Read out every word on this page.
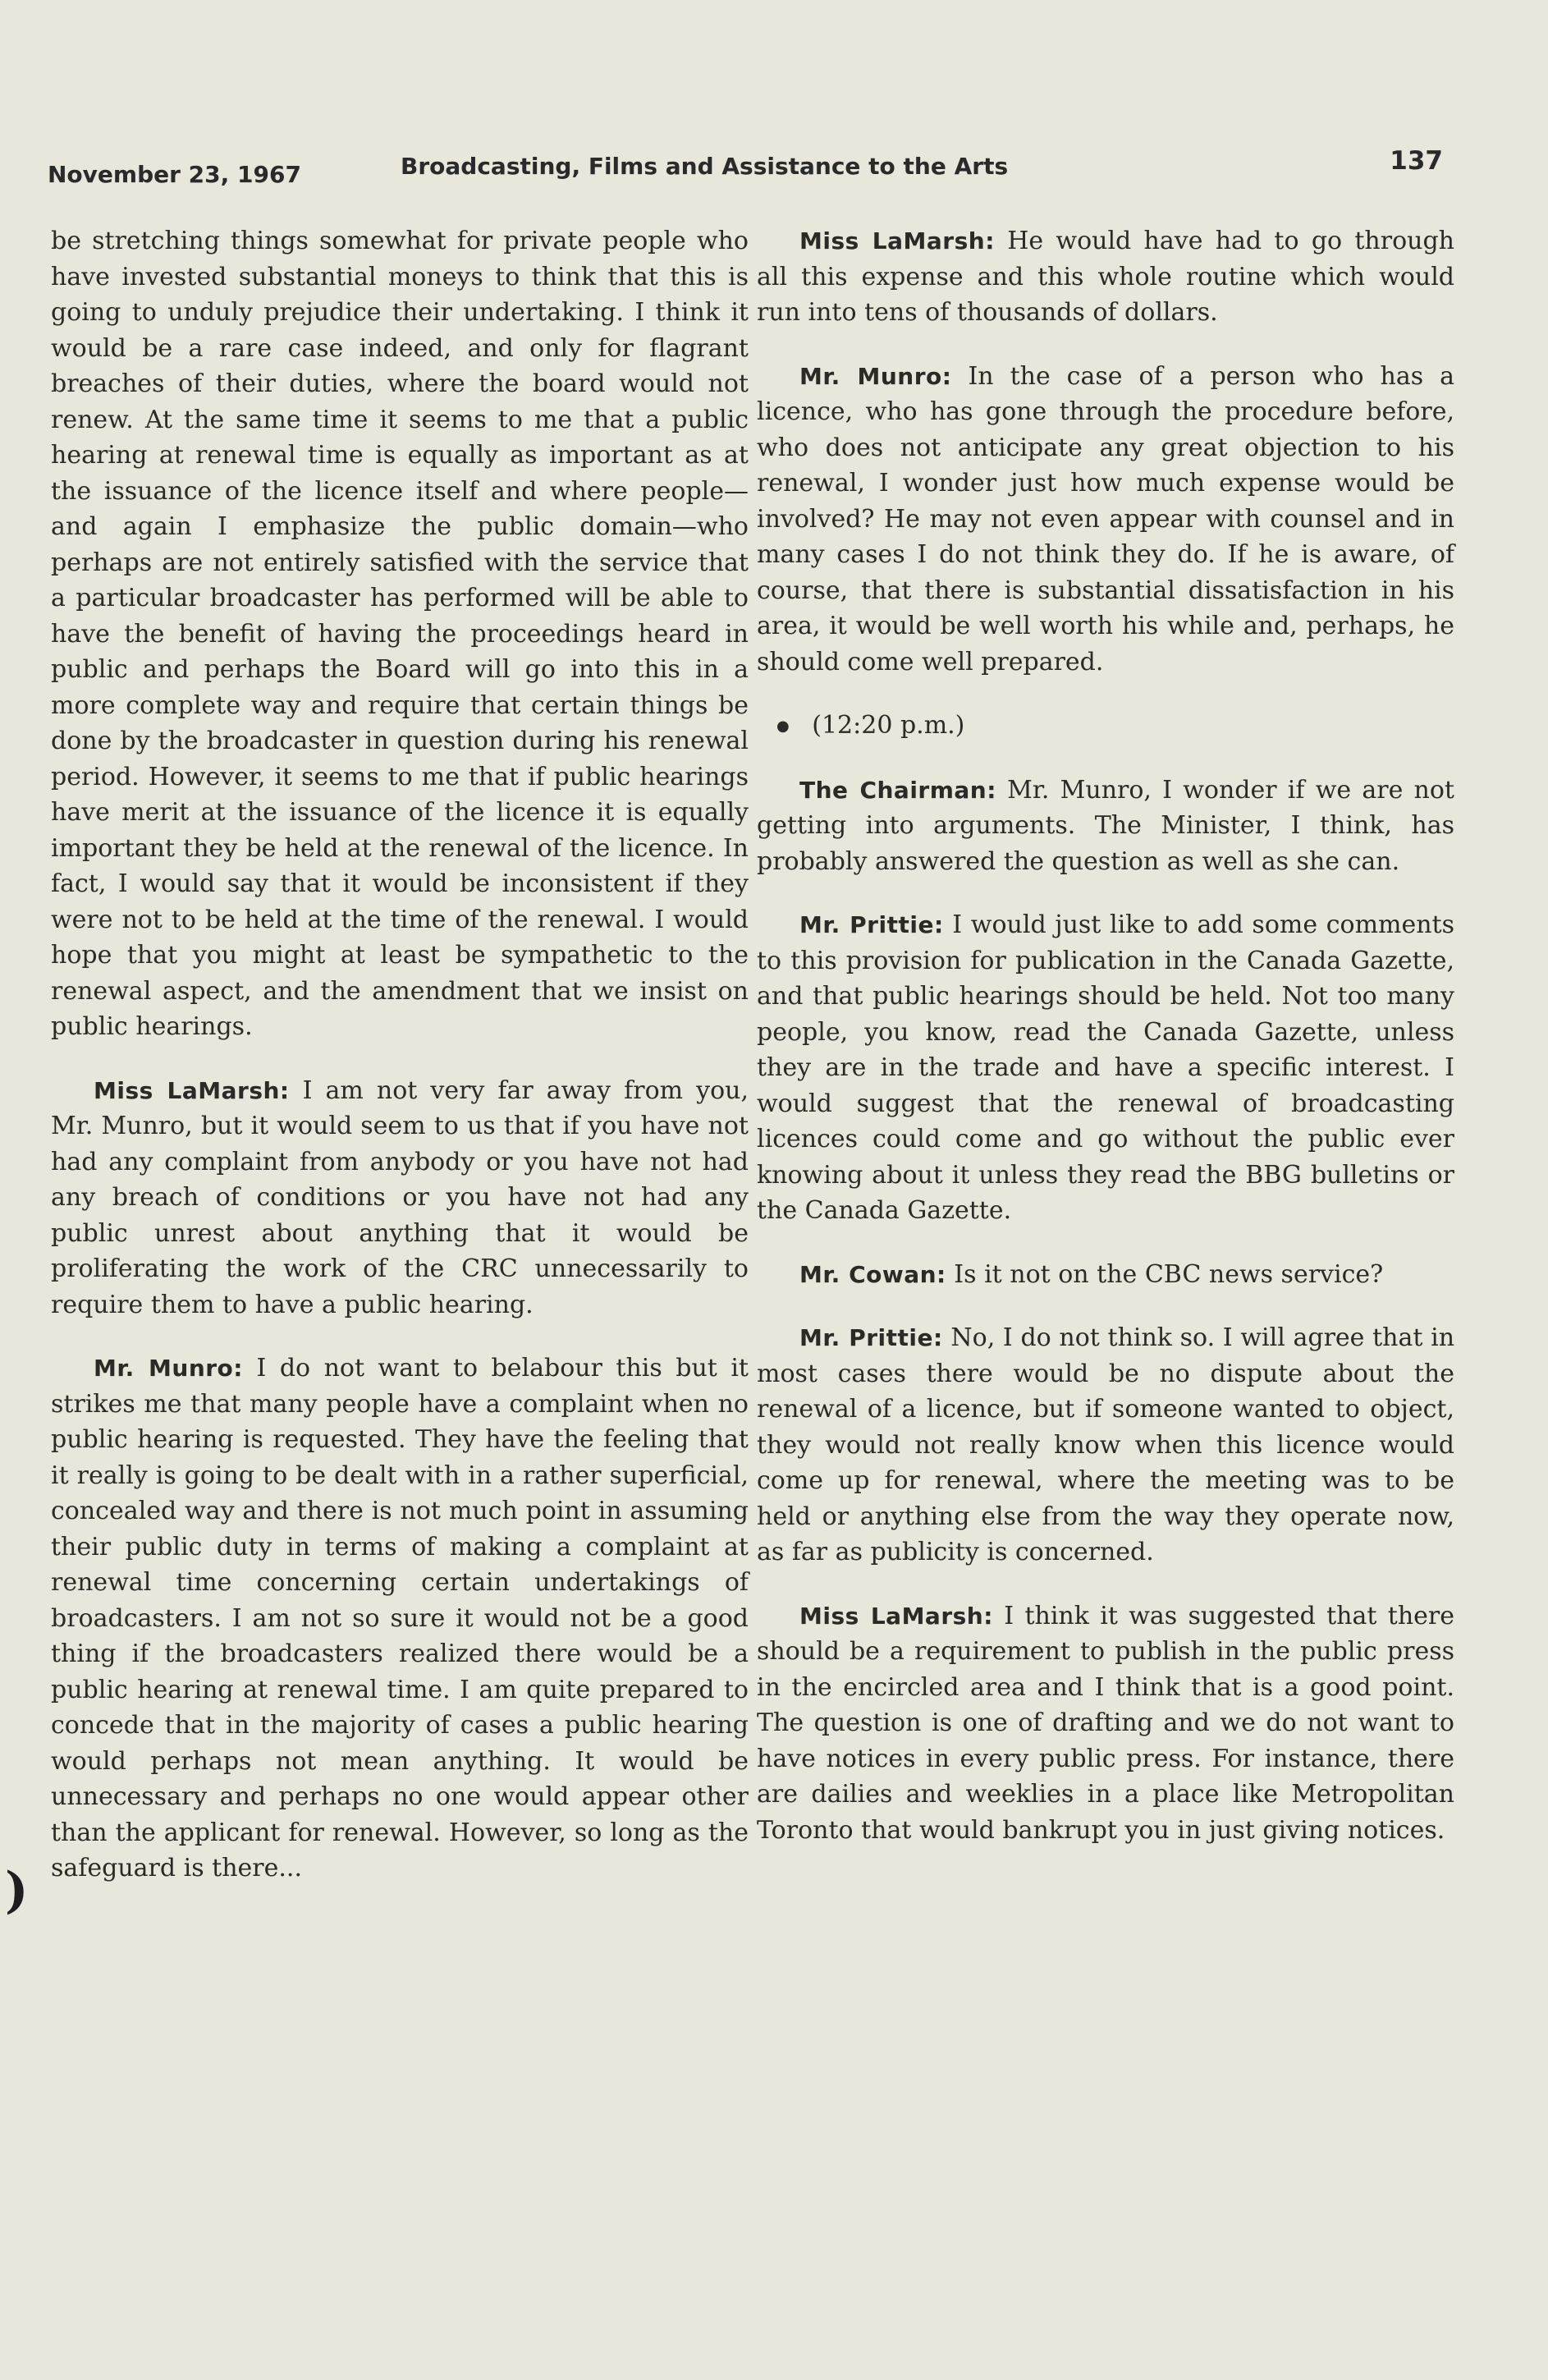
November 23, 1967	Broadcasting, Films and Assistance to the Arts	137

be stretching things somewhat for private people who have invested substantial moneys to think that this is going to unduly prejudice their undertaking. I think it would be a rare case indeed, and only for flagrant breaches of their duties, where the board would not renew. At the same time it seems to me that a public hearing at renewal time is equally as important as at the issuance of the licence itself and where people—and again I emphasize the public domain—who perhaps are not entirely satisfied with the service that a particular broadcaster has performed will be able to have the benefit of having the proceedings heard in public and perhaps the Board will go into this in a more complete way and require that certain things be done by the broadcaster in question during his renewal period. However, it seems to me that if public hearings have merit at the issuance of the licence it is equally important they be held at the renewal of the licence. In fact, I would say that it would be inconsistent if they were not to be held at the time of the renewal. I would hope that you might at least be sympathetic to the renewal aspect, and the amendment that we insist on public hearings.

Miss LaMarsh: I am not very far away from you, Mr. Munro, but it would seem to us that if you have not had any complaint from anybody or you have not had any breach of conditions or you have not had any public unrest about anything that it would be proliferating the work of the CRC unnecessarily to require them to have a public hearing.

Mr. Munro: I do not want to belabour this but it strikes me that many people have a complaint when no public hearing is requested. They have the feeling that it really is going to be dealt with in a rather superficial, concealed way and there is not much point in assuming their public duty in terms of making a complaint at renewal time concerning certain undertakings of broadcasters. I am not so sure it would not be a good thing if the broadcasters realized there would be a public hearing at renewal time. I am quite prepared to concede that in the majority of cases a public hearing would perhaps not mean anything. It would be unnecessary and perhaps no one would appear other than the applicant for renewal. However, so long as the safeguard is there...

Miss LaMarsh: He would have had to go through all this expense and this whole routine which would run into tens of thousands of dollars.

Mr. Munro: In the case of a person who has a licence, who has gone through the procedure before, who does not anticipate any great objection to his renewal, I wonder just how much expense would be involved? He may not even appear with counsel and in many cases I do not think they do. If he is aware, of course, that there is substantial dissatisfaction in his area, it would be well worth his while and, perhaps, he should come well prepared.

● (12:20 p.m.)

The Chairman: Mr. Munro, I wonder if we are not getting into arguments. The Minister, I think, has probably answered the question as well as she can.

Mr. Prittie: I would just like to add some comments to this provision for publication in the Canada Gazette, and that public hearings should be held. Not too many people, you know, read the Canada Gazette, unless they are in the trade and have a specific interest. I would suggest that the renewal of broadcasting licences could come and go without the public ever knowing about it unless they read the BBG bulletins or the Canada Gazette.

Mr. Cowan: Is it not on the CBC news service?

Mr. Prittie: No, I do not think so. I will agree that in most cases there would be no dispute about the renewal of a licence, but if someone wanted to object, they would not really know when this licence would come up for renewal, where the meeting was to be held or anything else from the way they operate now, as far as publicity is concerned.

Miss LaMarsh: I think it was suggested that there should be a requirement to publish in the public press in the encircled area and I think that is a good point. The question is one of drafting and we do not want to have notices in every public press. For instance, there are dailies and weeklies in a place like Metropolitan Toronto that would bankrupt you in just giving notices.

)
